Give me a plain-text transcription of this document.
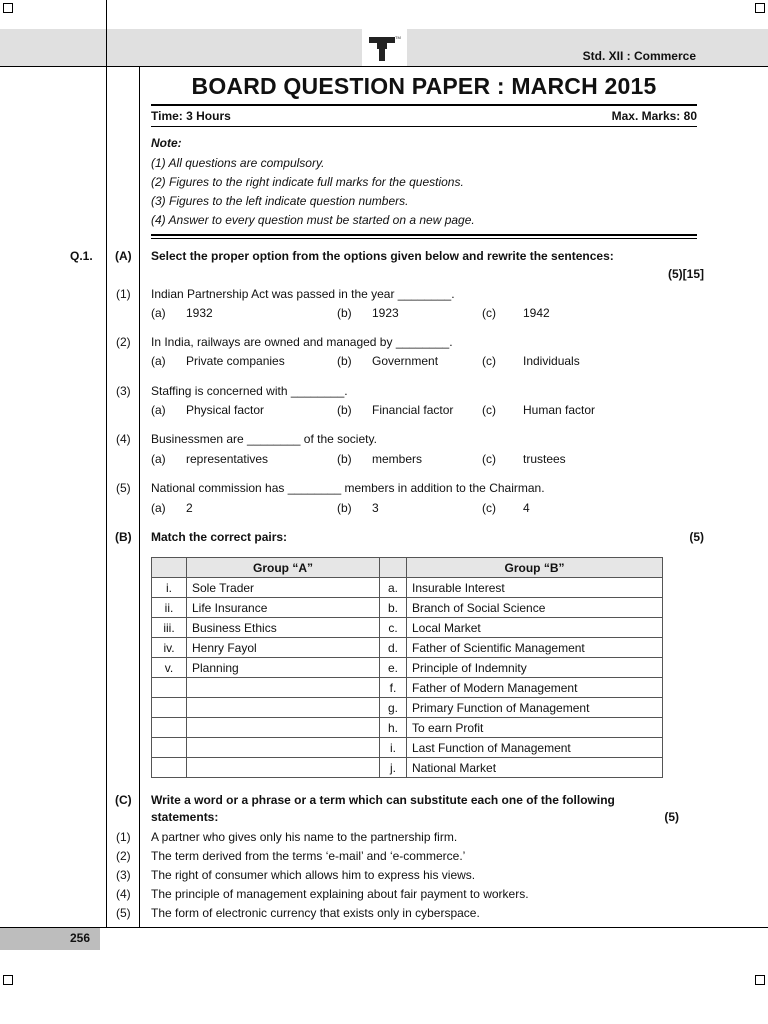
TM
Std. XII : Commerce
BOARD QUESTION PAPER : MARCH 2015
Time: 3 Hours	Max. Marks: 80
Note:
(1) All questions are compulsory.
(2) Figures to the right indicate full marks for the questions.
(3) Figures to the left indicate question numbers.
(4) Answer to every question must be started on a new page.
Q.1. (A) Select the proper option from the options given below and rewrite the sentences:
(5)[15]
(1) Indian Partnership Act was passed in the year ________.
(a) 1932	(b) 1923	(c) 1942
(2) In India, railways are owned and managed by ________.
(a) Private companies	(b) Government	(c) Individuals
(3) Staffing is concerned with ________.
(a) Physical factor	(b) Financial factor (c) Human factor
(4) Businessmen are ________ of the society.
(a) representatives	(b) members	(c) trustees
(5) National commission has ________ members in addition to the Chairman.
(a) 2	(b) 3	(c) 4
(B) Match the correct pairs:	(5)
	Group “A”		Group “B”
i.	Sole Trader	a.	Insurable Interest
ii.	Life Insurance	b.	Branch of Social Science
iii.	Business Ethics	c.	Local Market
iv.	Henry Fayol	d.	Father of Scientific Management
v.	Planning	e.	Principle of Indemnity
		f.	Father of Modern Management
		g.	Primary Function of Management
		h.	To earn Profit
		i.	Last Function of Management
		j.	National Market
(C) Write a word or a phrase or a term which can substitute each one of the following
statements:	(5)
(1) A partner who gives only his name to the partnership firm.
(2) The term derived from the terms ‘e-mail’ and ‘e-commerce.’
(3) The right of consumer which allows him to express his views.
(4) The principle of management explaining about fair payment to workers.
(5) The form of electronic currency that exists only in cyberspace.
256
